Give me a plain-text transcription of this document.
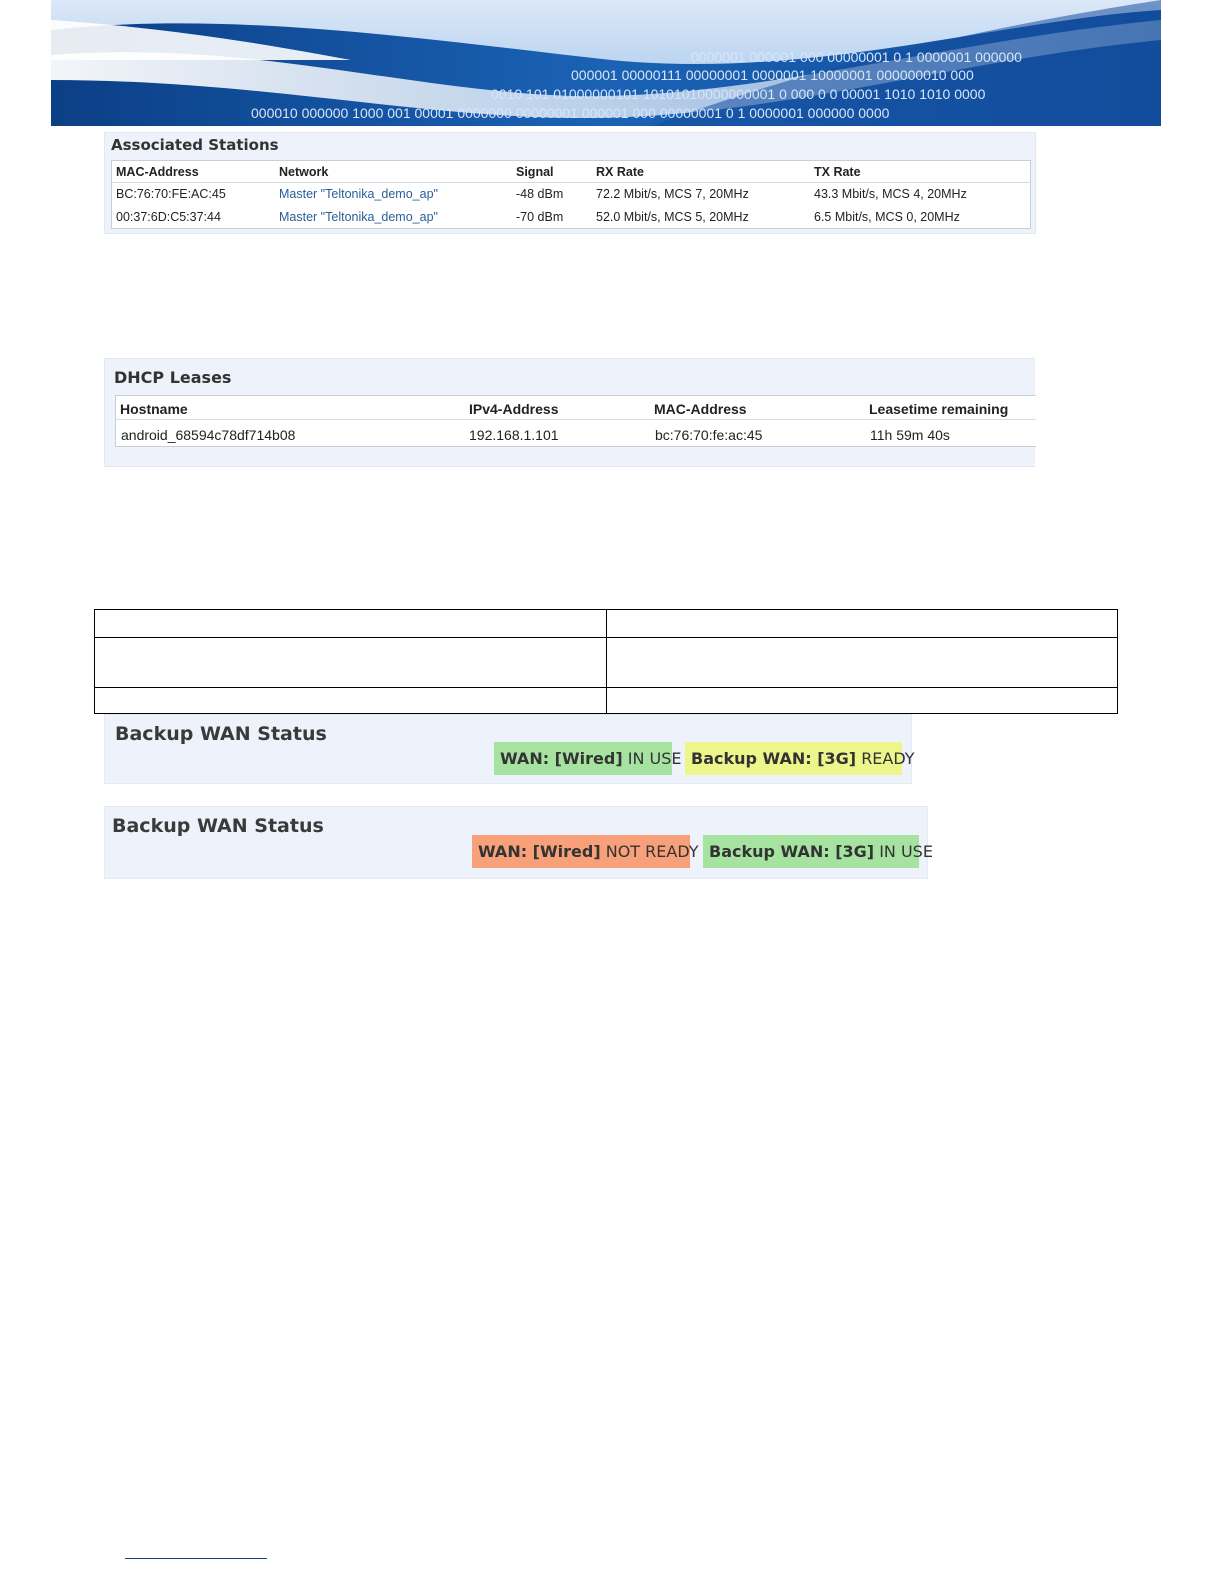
0000001 000001 000 00000001 0 1 0000001 000000
000001 00000111 00000001 0000001 10000001 000000010 000
0010 101 01000000101 10101010000000001 0 000 0 0 00001 1010 1010 0000
000010 000000 1000 001 00001 0000000 00000001 000001 000 00000001 0 1 0000001 000000 0000
Associated Stations
MAC-Address	Network	Signal	RX Rate	TX Rate
BC:76:70:FE:AC:45	Master "Teltonika_demo_ap"	-48 dBm	72.2 Mbit/s, MCS 7, 20MHz	43.3 Mbit/s, MCS 4, 20MHz
00:37:6D:C5:37:44	Master "Teltonika_demo_ap"	-70 dBm	52.0 Mbit/s, MCS 5, 20MHz	6.5 Mbit/s, MCS 0, 20MHz
DHCP Leases
Hostname	IPv4-Address	MAC-Address	Leasetime remaining
android_68594c78df714b08	192.168.1.101	bc:76:70:fe:ac:45	11h 59m 40s
Backup WAN Status
WAN: [Wired] IN USE Backup WAN: [3G] READY
Backup WAN Status
WAN: [Wired] NOT READY Backup WAN: [3G] IN USE
